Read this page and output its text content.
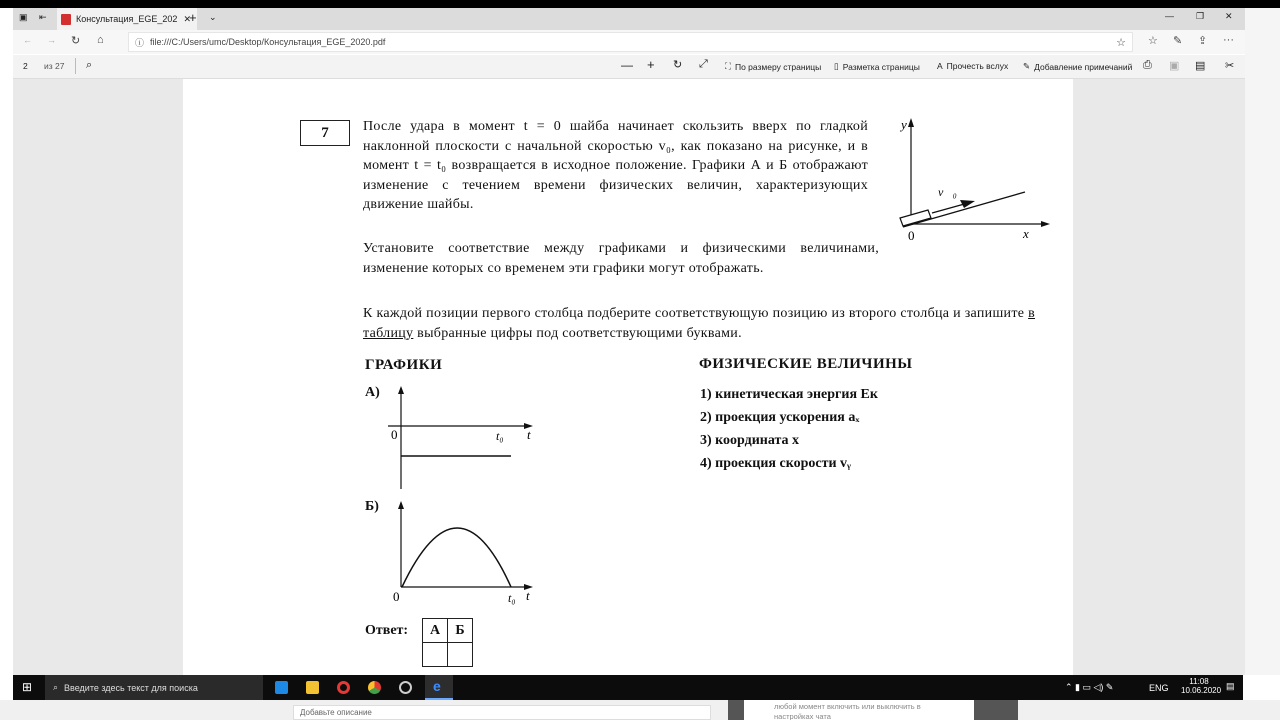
▣ ⇤	Консультация_EGE_202 ✕
+ ⌄	— ❐ ✕
← → ↻ ⌂	ⓘ file:///C:/Users/umc/Desktop/Консультация_EGE_2020.pdf	☆ ☆ ✎ ⇪ ···
2 из 27 ⌕	— + ↻ ⤢ ⛶ По размеру страницы ▯ Разметка страницы A Прочесть вслух ✎ Добавление примечаний ⎙ ▣ ▤ ✂
7	После удара в момент t = 0 шайба начинает скользить вверх по гладкой наклонной плоскости с начальной скоростью v₀, как показано на рисунке, и в момент t = t₀ возвращается в исходное положение. Графики А и Б отображают изменение с течением времени физических величин, характеризующих движение шайбы.
Установите соответствие между графиками и физическими величинами, изменение которых со временем эти графики могут отображать.
К каждой позиции первого столбца подберите соответствующую позицию из второго столбца и запишите в таблицу выбранные цифры под соответствующими буквами.
y
x
0
v⃗₀
ГРАФИКИ
А)
0	t₀ t
Б)
0	t₀ t
ФИЗИЧЕСКИЕ ВЕЛИЧИНЫ
1) кинетическая энергия Eк
2) проекция ускорения aₓ
3) координата x
4) проекция скорости vᵧ
Ответ: А	Б

⊞ ⌕ Введите здесь текст для поиска	e	⌃ ▮ ▭ ◁) ✎	ENG
11:08
10.06.2020 ▤
Добавьте описание
любой момент включить или выключить в настройках чата
